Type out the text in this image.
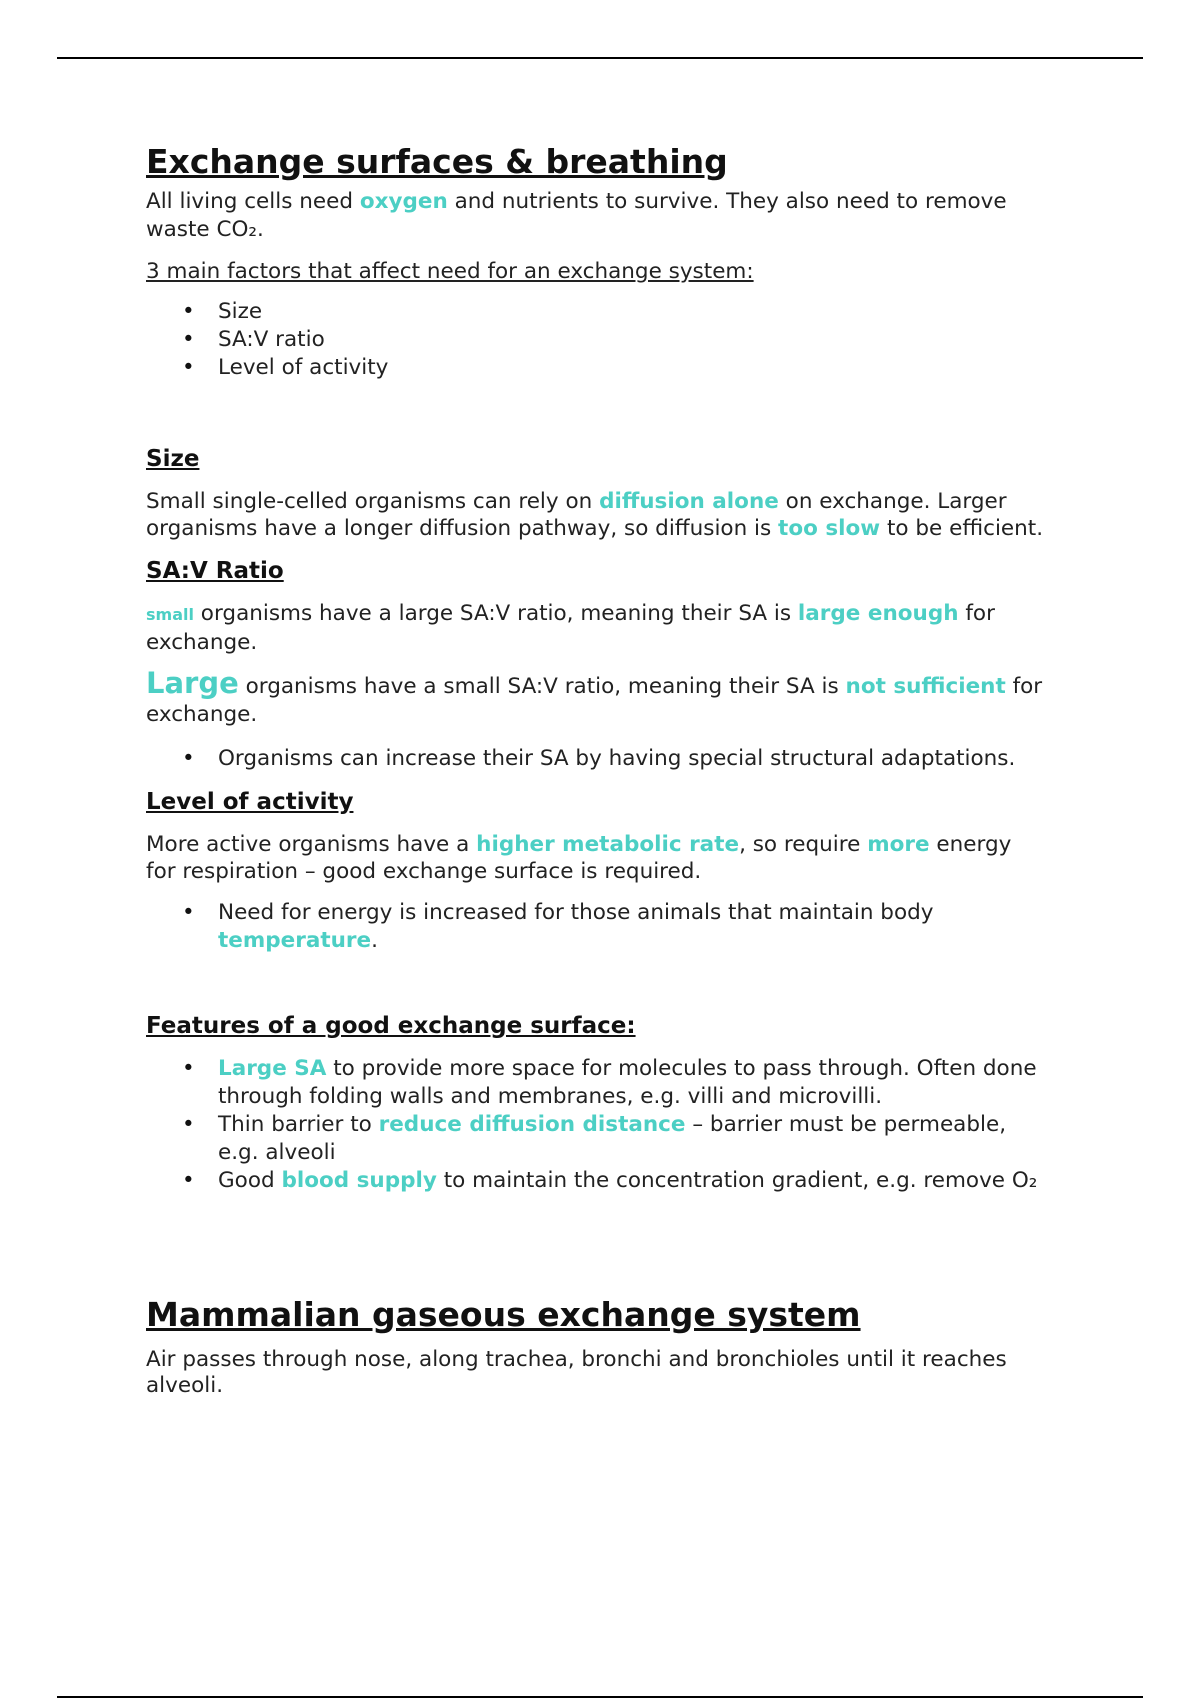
Exchange surfaces & breathing

All living cells need oxygen and nutrients to survive. They also need to remove waste CO₂.

3 main factors that affect need for an exchange system:

• Size
• SA:V ratio
• Level of activity
Size

Small single-celled organisms can rely on diffusion alone on exchange. Larger organisms have a longer diffusion pathway, so diffusion is too slow to be efficient.

SA:V Ratio

small organisms have a large SA:V ratio, meaning their SA is large enough for exchange.

Large organisms have a small SA:V ratio, meaning their SA is not sufficient for exchange.

• Organisms can increase their SA by having special structural adaptations.
Level of activity

More active organisms have a higher metabolic rate, so require more energy for respiration – good exchange surface is required.

• Need for energy is increased for those animals that maintain body temperature.
Features of a good exchange surface:
• Large SA to provide more space for molecules to pass through. Often done through folding walls and membranes, e.g. villi and microvilli.
• Thin barrier to reduce diffusion distance – barrier must be permeable, e.g. alveoli
• Good blood supply to maintain the concentration gradient, e.g. remove O₂
Mammalian gaseous exchange system

Air passes through nose, along trachea, bronchi and bronchioles until it reaches alveoli.
